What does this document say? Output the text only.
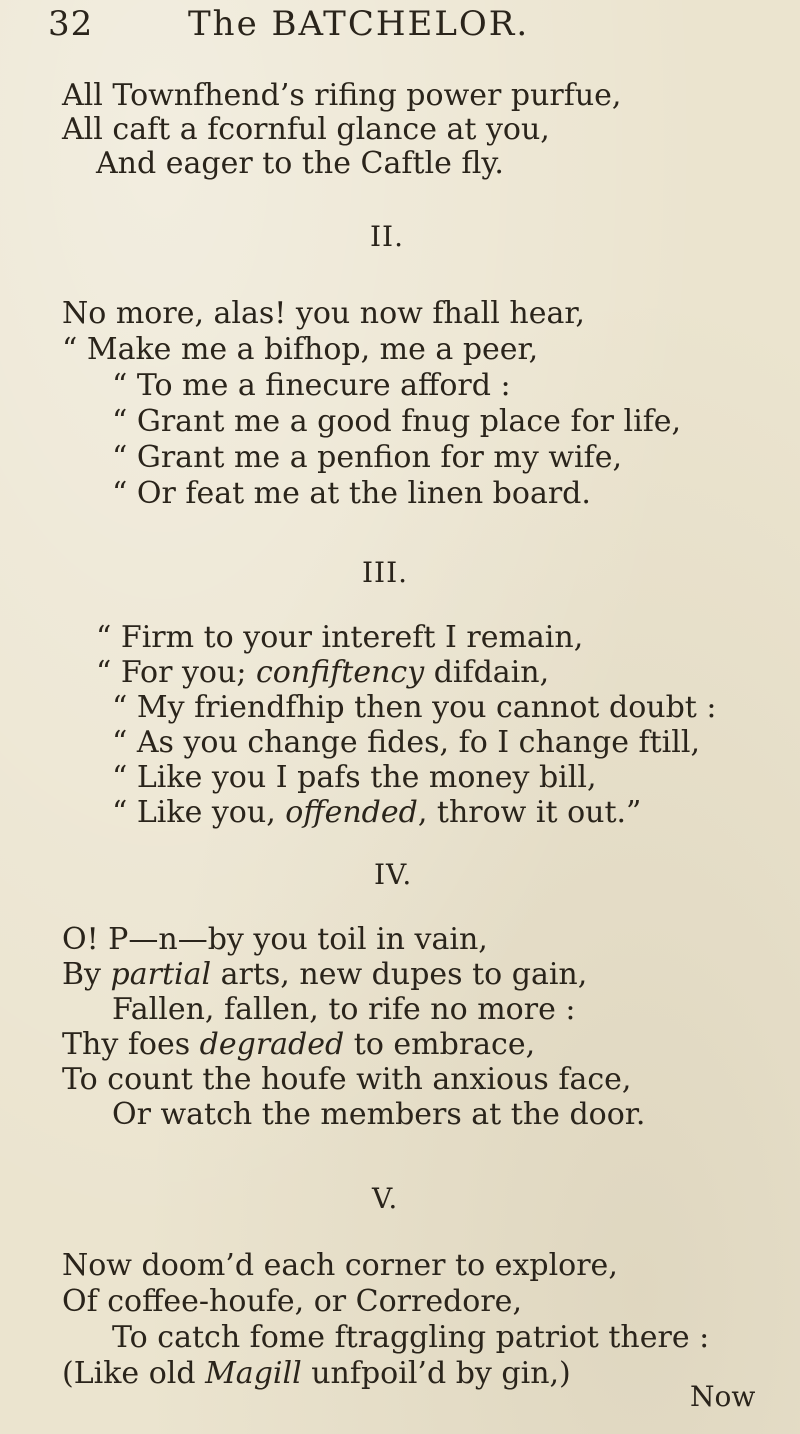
32	The BATCHELOR.
All Townfhend’s rifing power purfue,
All caft a fcornful glance at you,
And eager to the Caftle fly.
II.
No more, alas! you now fhall hear,
“ Make me a bifhop, me a peer,
“ To me a finecure afford :
“ Grant me a good fnug place for life,
“ Grant me a penfion for my wife,
“ Or feat me at the linen board.
III.
“ Firm to your intereft I remain,
“ For you; confiftency difdain,
“ My friendfhip then you cannot doubt :
“ As you change fides, fo I change ftill,
“ Like you I pafs the money bill,
“ Like you, offended, throw it out.”
IV.
O! P—n—by you toil in vain,
By partial arts, new dupes to gain,
Fallen, fallen, to rife no more :
Thy foes degraded to embrace,
To count the houfe with anxious face,
Or watch the members at the door.
V.
Now doom’d each corner to explore,
Of coffee-houfe, or Corredore,
To catch fome ftraggling patriot there :
(Like old Magill unfpoil’d by gin,)
Now
